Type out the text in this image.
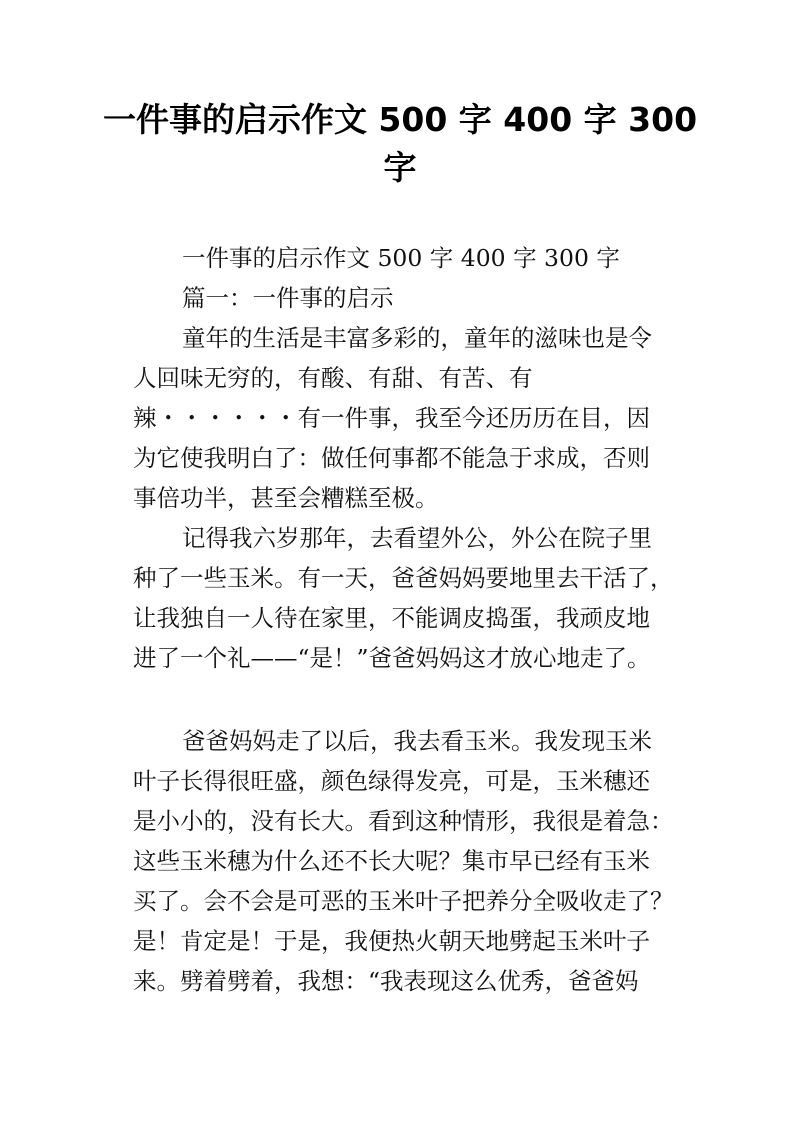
一件事的启示作文 500 字 400 字 300
字
一件事的启示作文 500 字 400 字 300 字
篇一：一件事的启示
童年的生活是丰富多彩的，童年的滋味也是令
人回味无穷的，有酸、有甜、有苦、有
辣・・・・・・有一件事，我至今还历历在目，因
为它使我明白了：做任何事都不能急于求成，否则
事倍功半，甚至会糟糕至极。
记得我六岁那年，去看望外公，外公在院子里
种了一些玉米。有一天，爸爸妈妈要地里去干活了，
让我独自一人待在家里，不能调皮捣蛋，我顽皮地
进了一个礼——“是！”爸爸妈妈这才放心地走了。
爸爸妈妈走了以后，我去看玉米。我发现玉米
叶子长得很旺盛，颜色绿得发亮，可是，玉米穗还
是小小的，没有长大。看到这种情形，我很是着急：
这些玉米穗为什么还不长大呢？集市早已经有玉米
买了。会不会是可恶的玉米叶子把养分全吸收走了？
是！肯定是！于是，我便热火朝天地劈起玉米叶子
来。劈着劈着，我想：“我表现这么优秀，爸爸妈
